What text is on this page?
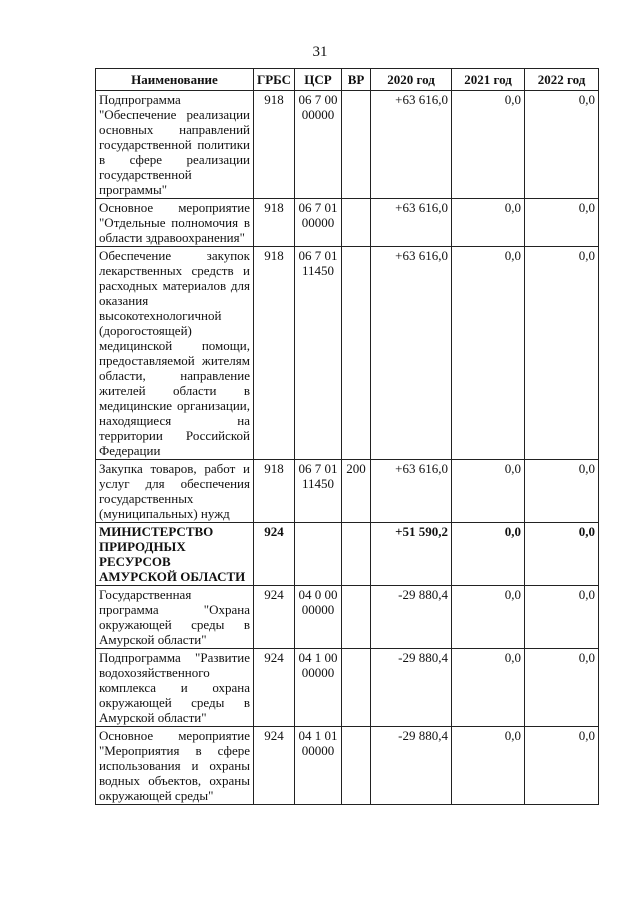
31
Наименование	ГРБС	ЦСР	ВР	2020 год	2021 год	2022 год
Подпрограмма "Обеспечение реализации основных направлений государственной политики в сфере реализации государственной программы"	918	06 7 00 00000		+63 616,0	0,0	0,0
Основное мероприятие "Отдельные полномочия в области здравоохранения"	918	06 7 01 00000		+63 616,0	0,0	0,0
Обеспечение закупок лекарственных средств и расходных материалов для оказания высокотехнологичной (дорогостоящей) медицинской помощи, предоставляемой жителям области, направление жителей области в медицинские организации, находящиеся на территории Российской Федерации	918	06 7 01 11450		+63 616,0	0,0	0,0
Закупка товаров, работ и услуг для обеспечения государственных (муниципальных) нужд	918	06 7 01 11450	200	+63 616,0	0,0	0,0
МИНИСТЕРСТВО ПРИРОДНЫХ РЕСУРСОВ АМУРСКОЙ ОБЛАСТИ	924			+51 590,2	0,0	0,0
Государственная программа "Охрана окружающей среды в Амурской области"	924	04 0 00 00000		-29 880,4	0,0	0,0
Подпрограмма "Развитие водохозяйственного комплекса и охрана окружающей среды в Амурской области"	924	04 1 00 00000		-29 880,4	0,0	0,0
Основное мероприятие "Мероприятия в сфере использования и охраны водных объектов, охраны окружающей среды"	924	04 1 01 00000		-29 880,4	0,0	0,0
